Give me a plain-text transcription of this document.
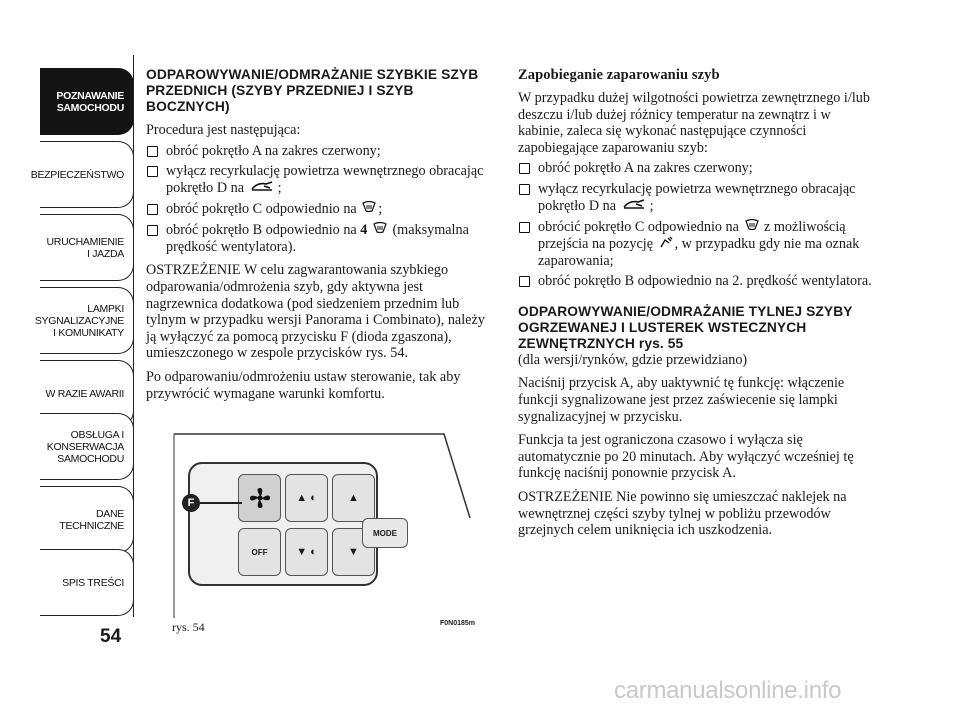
POZNAWANIE
SAMOCHODU
BEZPIECZEŃSTWO
URUCHAMIENIE
I JAZDA
LAMPKI
SYGNALIZACYJNE
I KOMUNIKATY
W RAZIE AWARII
OBSŁUGA I
KONSERWACJA
SAMOCHODU
DANE TECHNICZNE
SPIS TREŚCI
54
ODPAROWYWANIE/ODMRAŻANIE SZYBKIE SZYB PRZEDNICH (SZYBY PRZEDNIEJ I SZYB BOCZNYCH)
Procedura jest następująca:
obróć pokrętło A na zakres czerwony;
wyłącz recyrkulację powietrza wewnętrznego obracając pokrętło D na ;
obróć pokrętło C odpowiednio na ;
obróć pokrętło B odpowiednio na 4 (maksymalna prędkość wentylatora).
OSTRZEŻENIE W celu zagwarantowania szybkiego odparowania/odmrożenia szyb, gdy aktywna jest nagrzewnica dodatkowa (pod siedzeniem przednim lub tylnym w przypadku wersji Panorama i Combinato), należy ją wyłączyć za pomocą przycisku F (dioda zgaszona), umieszczonego w zespole przycisków rys. 54.
Po odparowaniu/odmrożeniu ustaw sterowanie, tak aby przywrócić wymagane warunki komfortu.
▲ ◐	▲
OFF	▼ ◐	▼
MODE
F
rys. 54	F0N0185m
Zapobieganie zaparowaniu szyb
W przypadku dużej wilgotności powietrza zewnętrznego i/lub deszczu i/lub dużej różnicy temperatur na zewnątrz i w kabinie, zaleca się wykonać następujące czynności zapobiegające zaparowaniu szyb:
obróć pokrętło A na zakres czerwony;
wyłącz recyrkulację powietrza wewnętrznego obracając pokrętło D na ;
obrócić pokrętło C odpowiednio na z możliwością przejścia na pozycję , w przypadku gdy nie ma oznak zaparowania;
obróć pokrętło B odpowiednio na 2. prędkość wentylatora.
ODPAROWYWANIE/ODMRAŻANIE TYLNEJ SZYBY OGRZEWANEJ I LUSTEREK WSTECZNYCH ZEWNĘTRZNYCH rys. 55
(dla wersji/rynków, gdzie przewidziano)
Naciśnij przycisk A, aby uaktywnić tę funkcję: włączenie funkcji sygnalizowane jest przez zaświecenie się lampki sygnalizacyjnej w przycisku.
Funkcja ta jest ograniczona czasowo i wyłącza się automatycznie po 20 minutach. Aby wyłączyć wcześniej tę funkcję naciśnij ponownie przycisk A.
OSTRZEŻENIE Nie powinno się umieszczać naklejek na wewnętrznej części szyby tylnej w pobliżu przewodów grzejnych celem uniknięcia ich uszkodzenia.
carmanualsonline.info
